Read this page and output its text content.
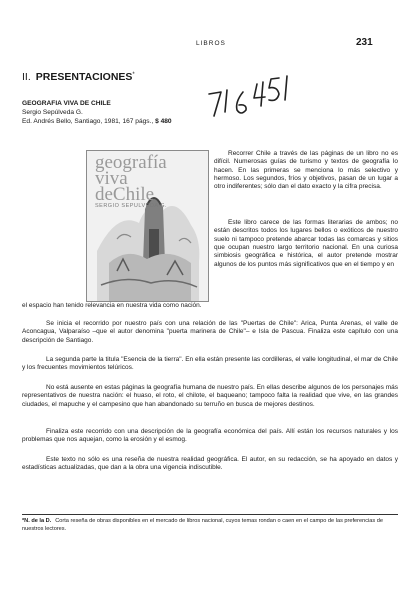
LIBROS	231
II. PRESENTACIONES*
GEOGRAFIA VIVA DE CHILE
Sergio Sepúlveda G.
Ed. Andrés Bello, Santiago, 1981, 167 págs., $ 480
geografía
viva
deChile
SERGIO SEPULVEDA G.

Recorrer Chile a través de las páginas de un libro no es difícil. Numerosas guías de turismo y textos de geografía lo hacen. En las primeras se menciona lo más selectivo y hermoso. Los segundos, fríos y objetivos, pasan de un lugar a otro indiferentes; sólo dan el dato exacto y la cifra precisa.

Este libro carece de las formas literarias de ambos; no están descritos todos los lugares bellos o exóticos de nuestro suelo ni tampoco pretende abarcar todas las comarcas y sitios que ocupan nuestro largo territorio nacional. En una curiosa simbiosis geográfica e histórica, el autor pretende mostrar algunos de los puntos más significativos que en el tiempo y en

el espacio han tenido relevancia en nuestra vida como nación.

Se inicia el recorrido por nuestro país con una relación de las "Puertas de Chile": Arica, Punta Arenas, el valle de Aconcagua, Valparaíso –que el autor denomina "puerta marinera de Chile"– e Isla de Pascua. Finaliza este capítulo con una descripción de Santiago.

La segunda parte la titula "Esencia de la tierra". En ella están presente las cordilleras, el valle longitudinal, el mar de Chile y los frecuentes movimientos telúricos.

No está ausente en estas páginas la geografía humana de nuestro país. En ellas describe algunos de los personajes más representativos de nuestra nación: el huaso, el roto, el chilote, el baqueano; tampoco falta la realidad que vive, en las grandes ciudades, el mapuche y el campesino que han abandonado su terruño en busca de mejores destinos.

Finaliza este recorrido con una descripción de la geografía económica del país. Allí están los recursos naturales y los problemas que nos aquejan, como la erosión y el esmog.

Este texto no sólo es una reseña de nuestra realidad geográfica. El autor, en su redacción, se ha apoyado en datos y estadísticas actualizadas, que dan a la obra una vigencia indiscutible.

*N. de la D. Corta reseña de obras disponibles en el mercado de libros nacional, cuyos temas rondan o caen en el campo de las preferencias de nuestros lectores.
